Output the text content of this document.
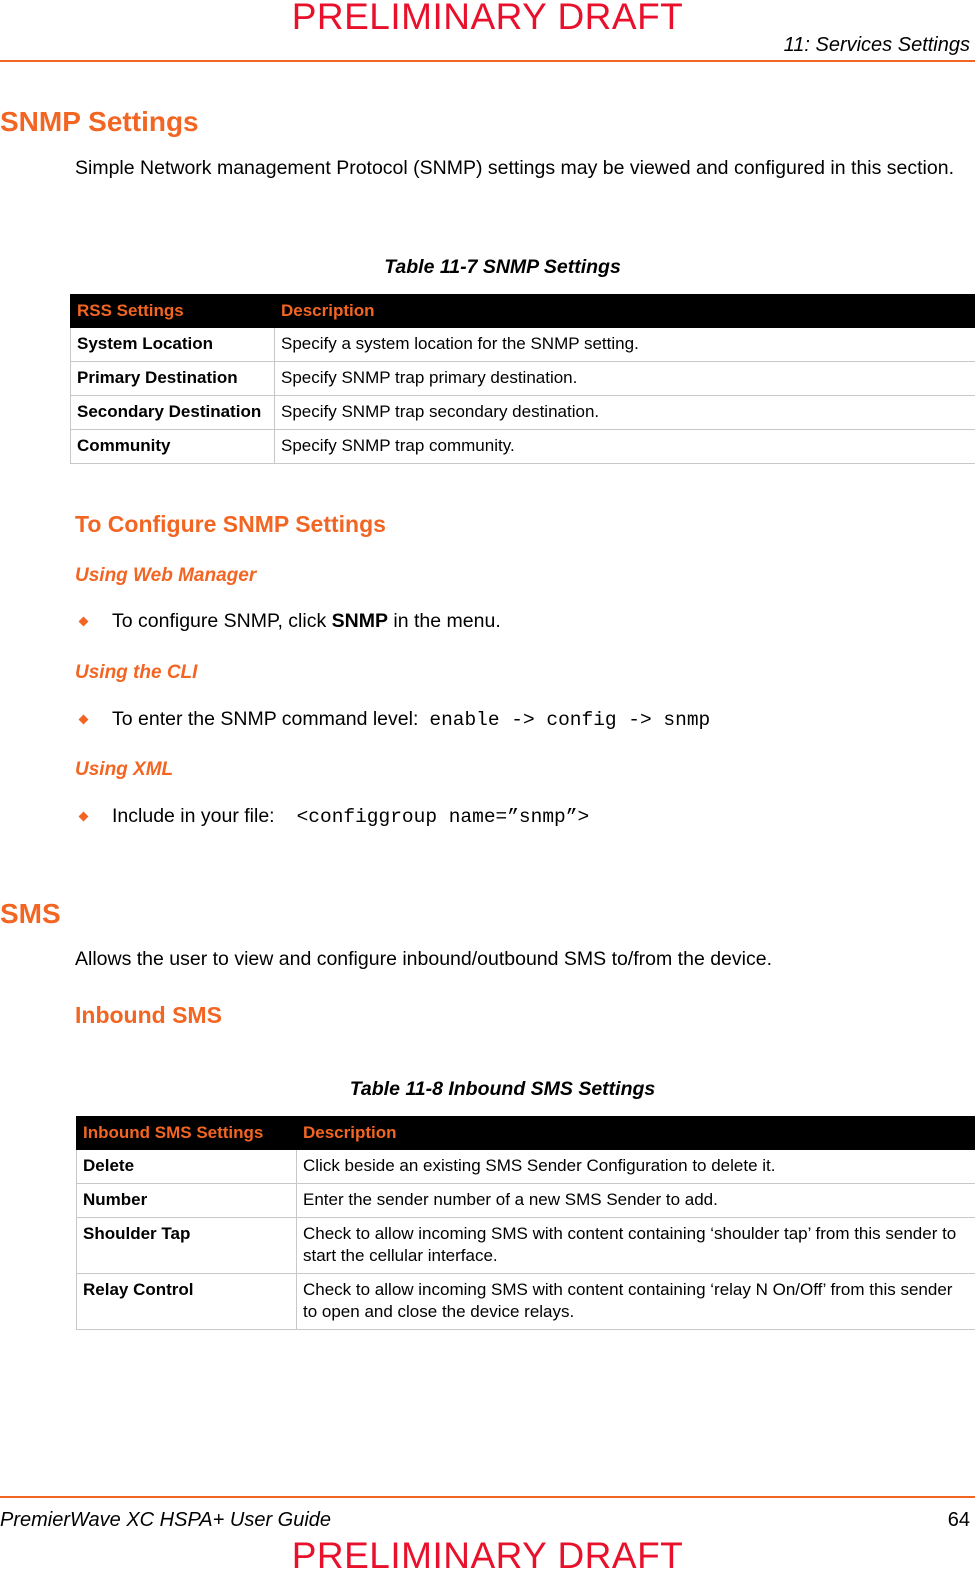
PRELIMINARY DRAFT
11: Services Settings
SNMP Settings
Simple Network management Protocol (SNMP) settings may be viewed and configured in this section.
Table 11-7 SNMP Settings
RSS Settings	Description
System Location	Specify a system location for the SNMP setting.
Primary Destination	Specify SNMP trap primary destination.
Secondary Destination	Specify SNMP trap secondary destination.
Community	Specify SNMP trap community.
To Configure SNMP Settings
Using Web Manager
To configure SNMP, click SNMP in the menu.
Using the CLI
To enter the SNMP command level: enable -> config -> snmp
Using XML
Include in your file: <configgroup name=”snmp”>
SMS
Allows the user to view and configure inbound/outbound SMS to/from the device.
Inbound SMS
Table 11-8 Inbound SMS Settings
Inbound SMS Settings	Description
Delete	Click beside an existing SMS Sender Configuration to delete it.
Number	Enter the sender number of a new SMS Sender to add.
Shoulder Tap	Check to allow incoming SMS with content containing ‘shoulder tap’ from this sender to start the cellular interface.
Relay Control	Check to allow incoming SMS with content containing ‘relay N On/Off’ from this sender to open and close the device relays.
PremierWave XC HSPA+ User Guide	64
PRELIMINARY DRAFT
